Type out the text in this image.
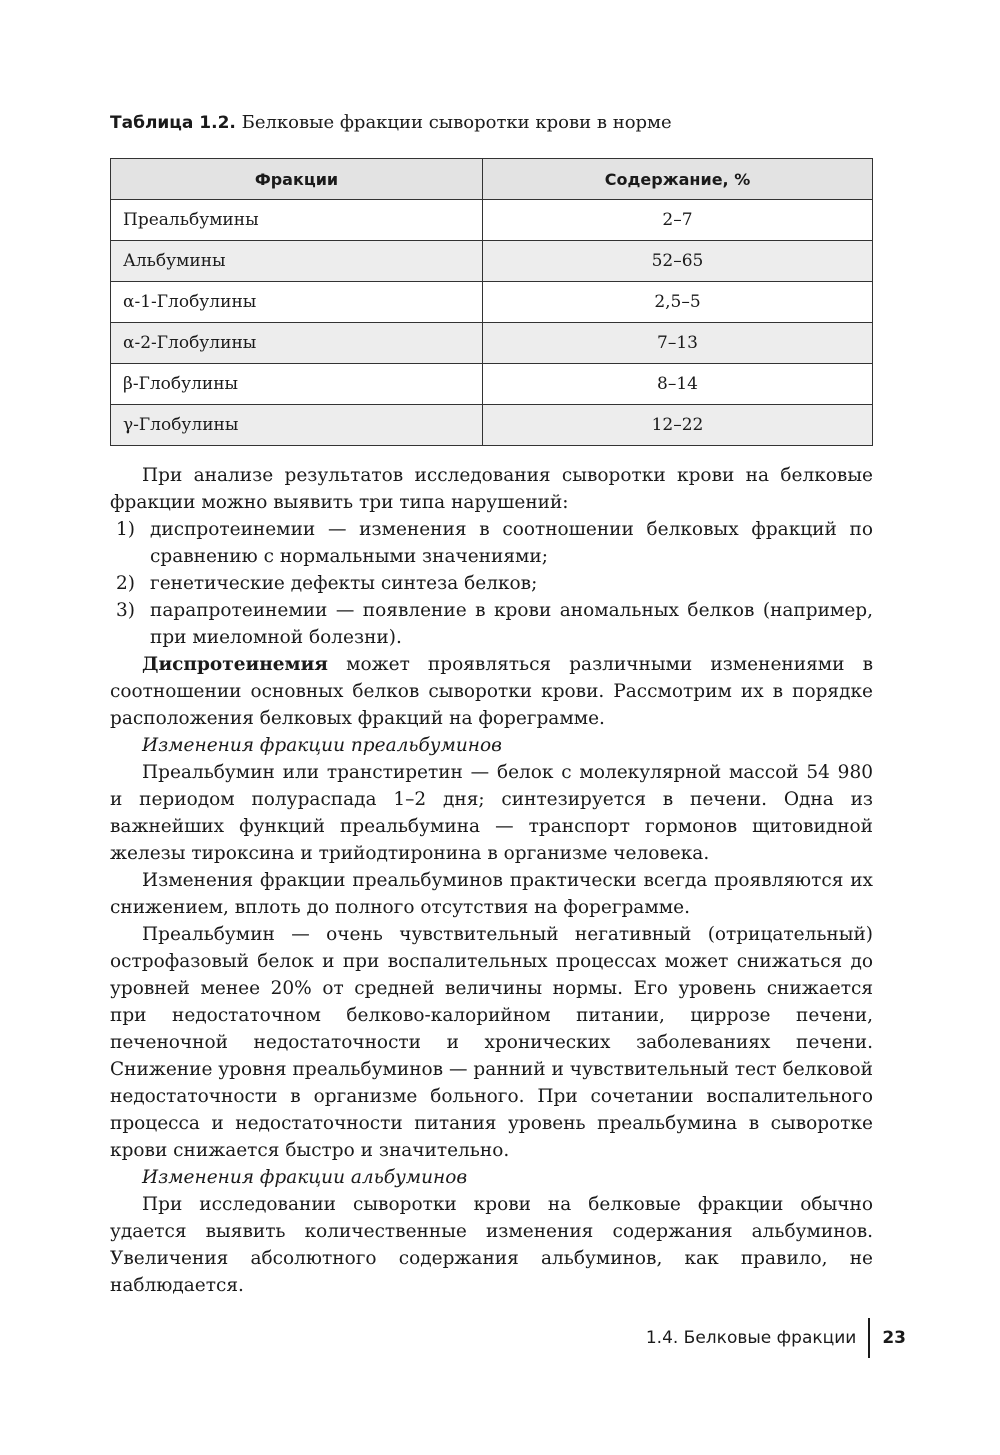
Таблица 1.2. Белковые фракции сыворотки крови в норме
Фракции	Содержание, %
Преальбумины	2–7
Альбумины	52–65
α-1-Глобулины	2,5–5
α-2-Глобулины	7–13
β-Глобулины	8–14
γ-Глобулины	12–22

При анализе результатов исследования сыворотки крови на белковые фракции можно выявить три типа нарушений:

1) диспротеинемии — изменения в соотношении белковых фракций по сравнению с нормальными значениями;
2) генетические дефекты синтеза белков;
3) парапротеинемии — появление в крови аномальных белков (например, при миеломной болезни).

Диспротеинемия может проявляться различными изменениями в соотношении основных белков сыворотки крови. Рассмотрим их в порядке расположения белковых фракций на фореграмме.

Изменения фракции преальбуминов

Преальбумин или транстиретин — белок с молекулярной массой 54 980 и периодом полураспада 1–2 дня; синтезируется в печени. Одна из важнейших функций преальбумина — транспорт гормонов щитовидной железы тироксина и трийодтиронина в организме человека.

Изменения фракции преальбуминов практически всегда проявляются их снижением, вплоть до полного отсутствия на фореграмме.

Преальбумин — очень чувствительный негативный (отрицательный) острофазовый белок и при воспалительных процессах может снижаться до уровней менее 20% от средней величины нормы. Его уровень снижается при недостаточном белково-калорийном питании, циррозе печени, печеночной недостаточности и хронических заболеваниях печени. Снижение уровня преальбуминов — ранний и чувствительный тест белковой недостаточности в организме больного. При сочетании воспалительного процесса и недостаточности питания уровень преальбумина в сыворотке крови снижается быстро и значительно.

Изменения фракции альбуминов

При исследовании сыворотки крови на белковые фракции обычно удается выявить количественные изменения содержания альбуминов. Увеличения абсолютного содержания альбуминов, как правило, не наблюдается.

1.4. Белковые фракции 23
